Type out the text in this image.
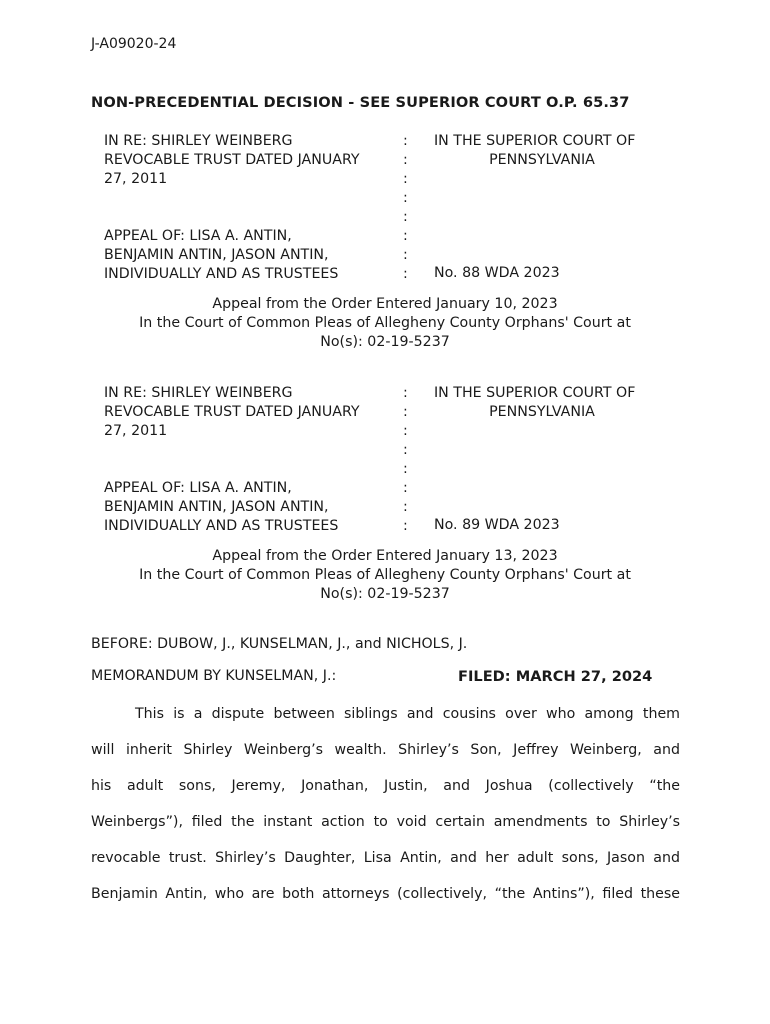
J-A09020-24
NON-PRECEDENTIAL DECISION - SEE SUPERIOR COURT O.P. 65.37
IN RE: SHIRLEY WEINBERG
REVOCABLE TRUST DATED JANUARY
27, 2011
APPEAL OF: LISA A. ANTIN,
BENJAMIN ANTIN, JASON ANTIN,
INDIVIDUALLY AND AS TRUSTEES
:
:
:
:
:
:
:
:
IN THE SUPERIOR COURT OF
PENNSYLVANIA
No. 88 WDA 2023
Appeal from the Order Entered January 10, 2023
In the Court of Common Pleas of Allegheny County Orphans' Court at
No(s): 02-19-5237
IN RE: SHIRLEY WEINBERG
REVOCABLE TRUST DATED JANUARY
27, 2011
APPEAL OF: LISA A. ANTIN,
BENJAMIN ANTIN, JASON ANTIN,
INDIVIDUALLY AND AS TRUSTEES
:
:
:
:
:
:
:
:
IN THE SUPERIOR COURT OF
PENNSYLVANIA
No. 89 WDA 2023
Appeal from the Order Entered January 13, 2023
In the Court of Common Pleas of Allegheny County Orphans' Court at
No(s): 02-19-5237
BEFORE: DUBOW, J., KUNSELMAN, J., and NICHOLS, J.
MEMORANDUM BY KUNSELMAN, J.:	FILED: MARCH 27, 2024
This is a dispute between siblings and cousins over who among them
will inherit Shirley Weinberg’s wealth. Shirley’s Son, Jeffrey Weinberg, and
his adult sons, Jeremy, Jonathan, Justin, and Joshua (collectively “the
Weinbergs”), filed the instant action to void certain amendments to Shirley’s
revocable trust. Shirley’s Daughter, Lisa Antin, and her adult sons, Jason and
Benjamin Antin, who are both attorneys (collectively, “the Antins”), filed these
